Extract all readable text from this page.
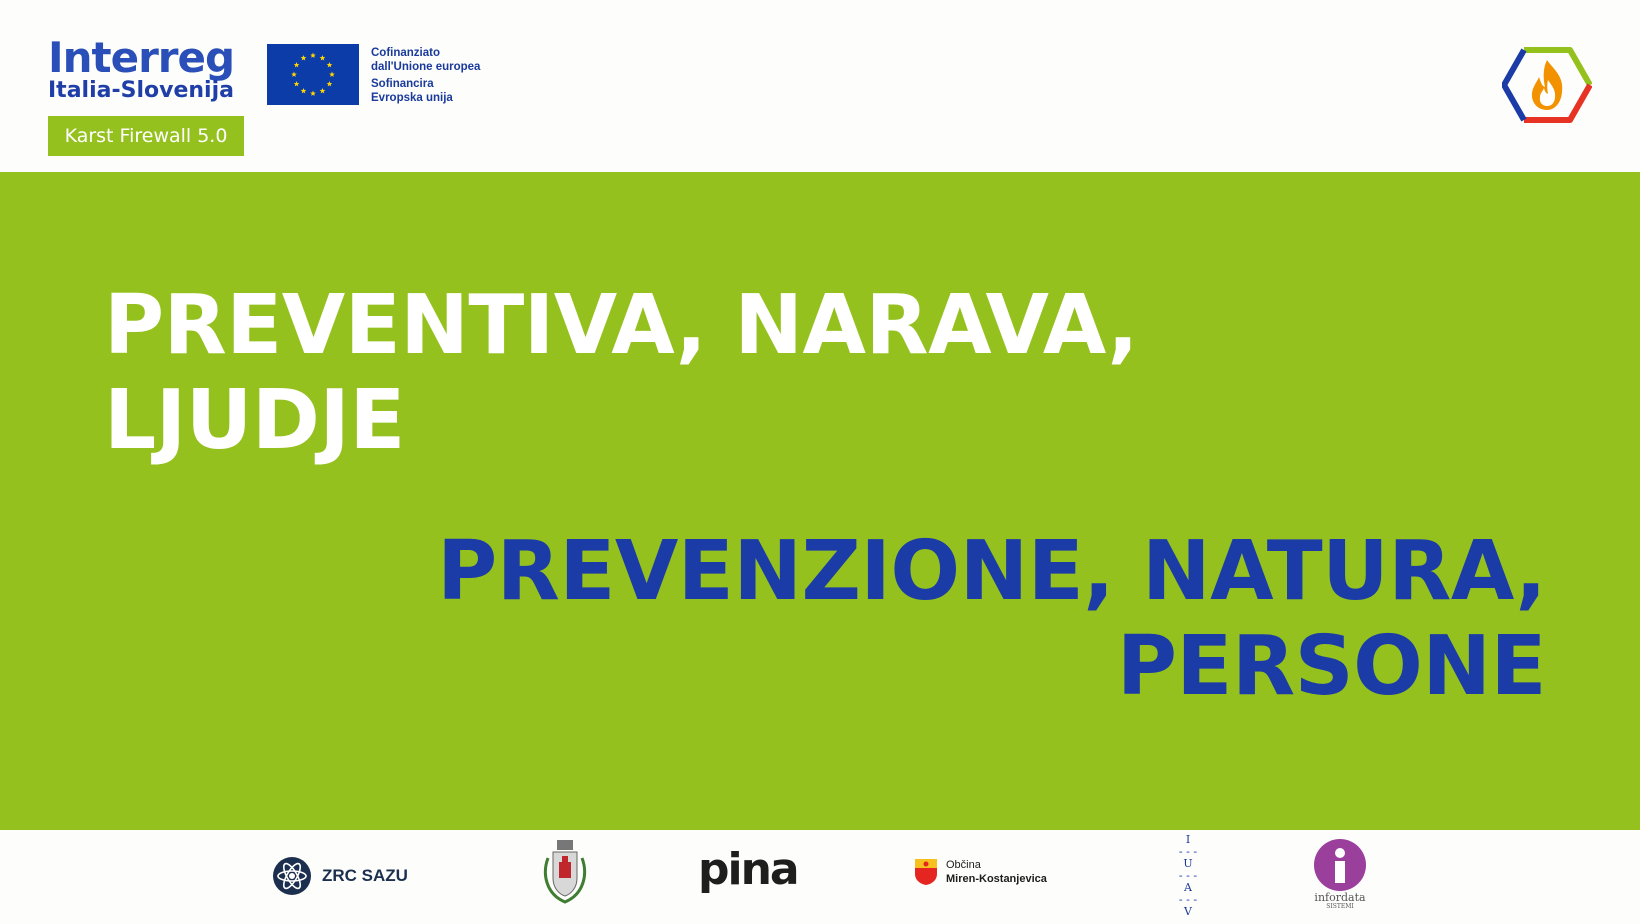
Interreg
Italia-Slovenija
Karst Firewall 5.0
Cofinanziato
dall'Unione europea
Sofinancira
Evropska unija
PREVENTIVA, NARAVA,
LJUDJE
PREVENZIONE, NATURA,
PERSONE
ZRC SAZU	pina	Občina
Miren-Kostanjevica
I
- - -
U
- - -
A
- - -
V
infordata
SISTEMI
